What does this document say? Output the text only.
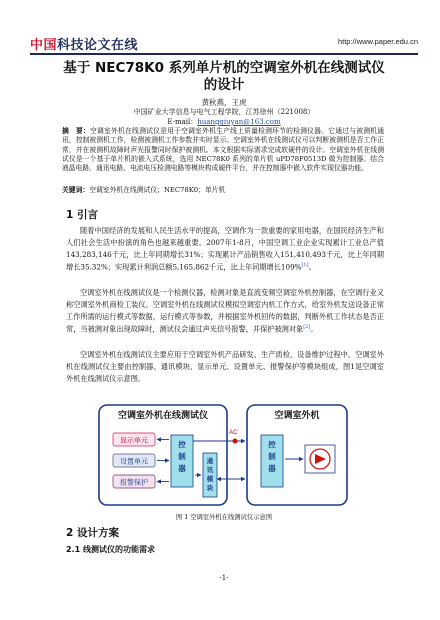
中国科技论文在线	http://www.paper.edu.cn
基于 NEC78K0 系列单片机的空调室外机在线测试仪
的设计
黄秋燕，王虎
中国矿业大学信息与电气工程学院，江苏徐州（221008）
E-mail：huangqiuyan@163.com
摘　要：空调室外机在线测试仪是用于空调室外机生产线上质量检测环节的检测仪器。它通过与被测机通讯，控制被测机工作，检测被测机工作参数并实时显示。空调室外机在线测试仪可以判断被测机是否工作正常，并在被测机故障时声光报警同时保护被测机。本文根据实际需求完成软硬件的设计。空调室外机在线测试仪是一个基于单片机的嵌入式系统，选用 NEC78K0 系列的单片机 uPD78F0513D 做为控制器。结合液晶电路、通讯电路、电流电压检测电路等模块构成硬件平台，并在控制器中嵌入软件实现仪器功能。
关键词：空调室外机在线测试仪；NEC78K0；单片机
1 引言
随着中国经济的发展和人民生活水平的提高，空调作为一款重要的家用电器，在国民经济生产和人们社会生活中扮演的角色也越来越重要。2007年1-8月，中国空调工业企业实现累计工业总产值143,283,146千元，比上年同期增长31%；实现累计产品销售收入151,410,493千元，比上年同期增长35.32%；实现累计利润总额5,165,862千元，比上年同期增长109%[1]。
空调室外机在线测试仪是一个检测仪器，检测对象是直流变频空调室外机控制器，在空调行业又称空调室外机商检工装仪。空调室外机在线测试仪模拟空调室内机工作方式，给室外机发送设备正常工作所需的运行模式等数据，运行模式等参数，并根据室外机回传的数据，判断外机工作状态是否正常，当被测对象出现故障时，测试仪会通过声光信号报警，并保护被测对象[2]。
空调室外机在线测试仪主要应用于空调室外机产品研发、生产质检、设备维护过程中。空调室外机在线测试仪主要由控制器、通讯模块、显示单元、设置单元、报警保护等模块组成，图1是空调室外机在线测试仪示意图。
空调室外机在线测试仪
显示单元
设置单元
报警保护
控
制
器
通
讯
模
块
AC
空调室外机
控
制
器
图 1 空调室外机在线测试仪示意图
2 设计方案
2.1 线测试仪的功能需求
-1-
